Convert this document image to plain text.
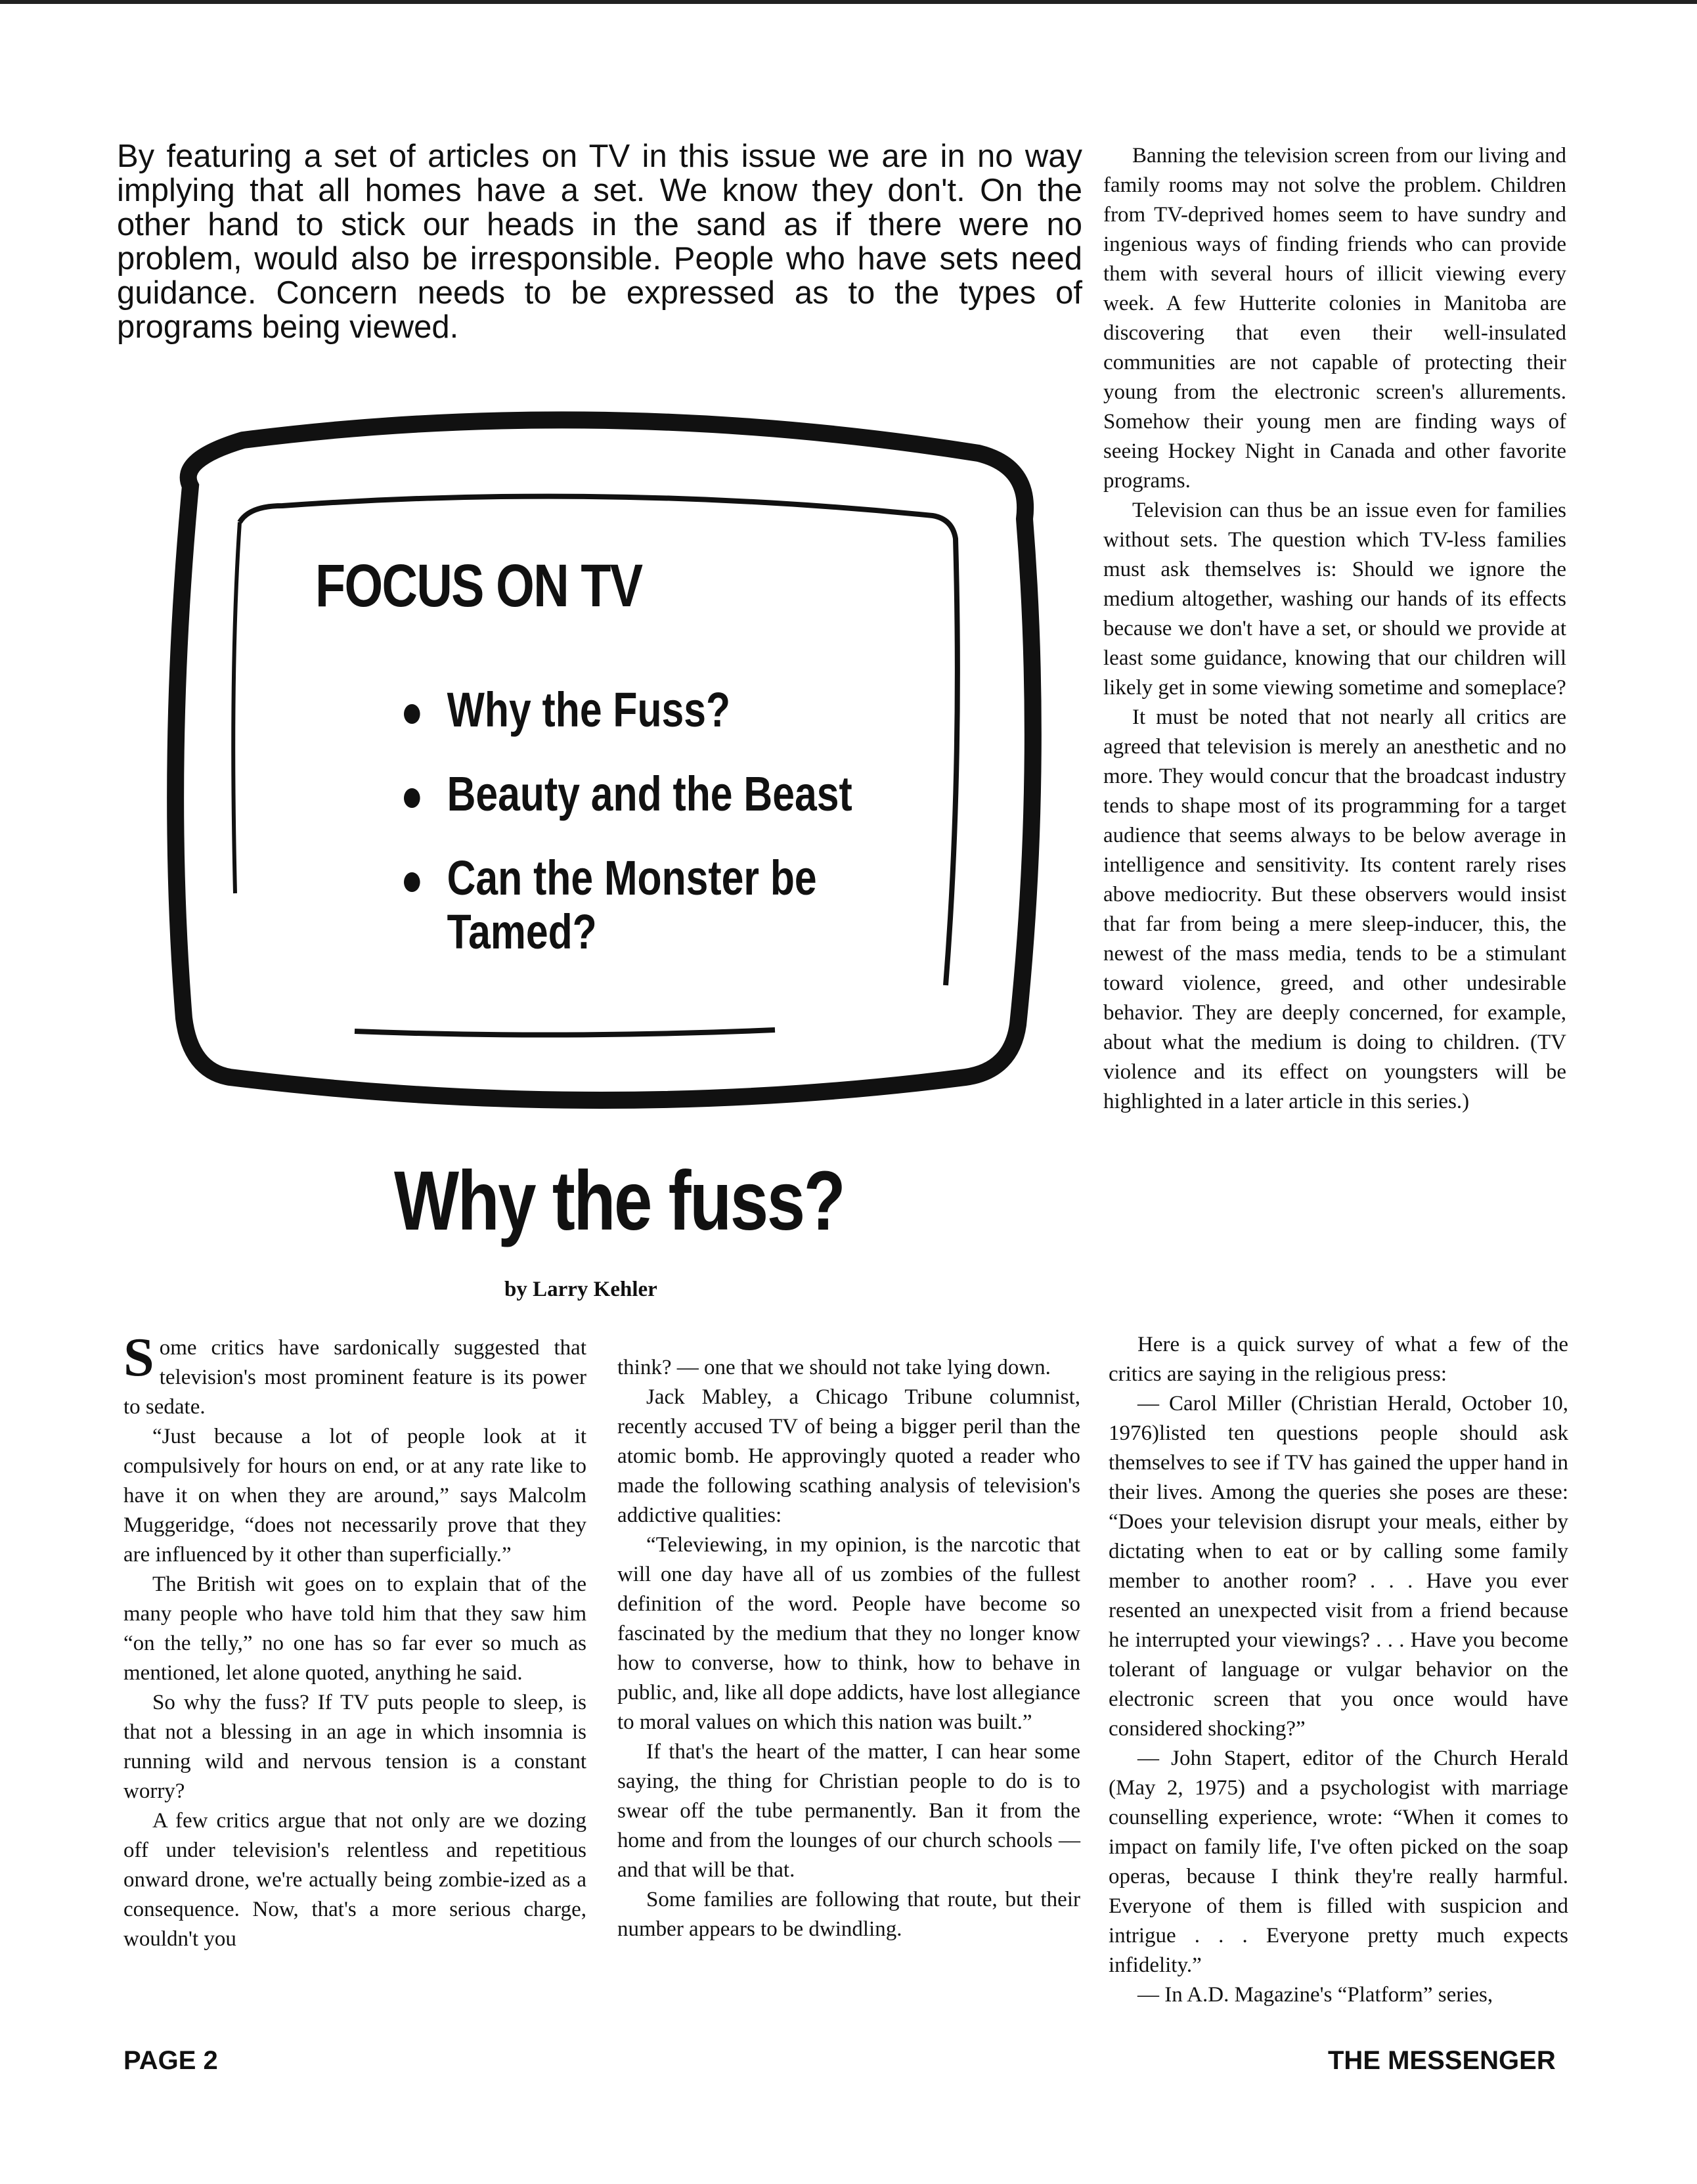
By featuring a set of articles on TV in this issue we are in no way implying that all homes have a set. We know they don't. On the other hand to stick our heads in the sand as if there were no problem, would also be irresponsible. People who have sets need guidance. Concern needs to be expressed as to the types of programs being viewed.
FOCUS ON TV
Why the Fuss?
Beauty and the Beast
Can the Monster be Tamed?
Why the fuss?
by Larry Kehler

Some critics have sardonically suggested that television's most prominent feature is its power to sedate.

“Just because a lot of people look at it compulsively for hours on end, or at any rate like to have it on when they are around,” says Malcolm Muggeridge, “does not necessarily prove that they are influenced by it other than superficially.”

The British wit goes on to explain that of the many people who have told him that they saw him “on the telly,” no one has so far ever so much as mentioned, let alone quoted, anything he said.

So why the fuss? If TV puts people to sleep, is that not a blessing in an age in which insomnia is running wild and nervous tension is a constant worry?

A few critics argue that not only are we dozing off under television's relentless and repetitious onward drone, we're actually being zombie-ized as a consequence. Now, that's a more serious charge, wouldn't you

think? — one that we should not take lying down.

Jack Mabley, a Chicago Tribune columnist, recently accused TV of being a bigger peril than the atomic bomb. He approvingly quoted a reader who made the following scathing analysis of television's addictive qualities:

“Televiewing, in my opinion, is the narcotic that will one day have all of us zombies of the fullest definition of the word. People have become so fascinated by the medium that they no longer know how to converse, how to think, how to behave in public, and, like all dope addicts, have lost allegiance to moral values on which this nation was built.”

If that's the heart of the matter, I can hear some saying, the thing for Christian people to do is to swear off the tube permanently. Ban it from the home and from the lounges of our church schools — and that will be that.

Some families are following that route, but their number appears to be dwindling.

Banning the television screen from our living and family rooms may not solve the problem. Children from TV-deprived homes seem to have sundry and ingenious ways of finding friends who can provide them with several hours of illicit viewing every week. A few Hutterite colonies in Manitoba are discovering that even their well-insulated communities are not capable of protecting their young from the electronic screen's allurements. Somehow their young men are finding ways of seeing Hockey Night in Canada and other favorite programs.

Television can thus be an issue even for families without sets. The question which TV-less families must ask themselves is: Should we ignore the medium altogether, washing our hands of its effects because we don't have a set, or should we provide at least some guidance, knowing that our children will likely get in some viewing sometime and someplace?

It must be noted that not nearly all critics are agreed that television is merely an anesthetic and no more. They would concur that the broadcast industry tends to shape most of its programming for a target audience that seems always to be below average in intelligence and sensitivity. Its content rarely rises above mediocrity. But these observers would insist that far from being a mere sleep-inducer, this, the newest of the mass media, tends to be a stimulant toward violence, greed, and other undesirable behavior. They are deeply concerned, for example, about what the medium is doing to children. (TV violence and its effect on youngsters will be highlighted in a later article in this series.)

Here is a quick survey of what a few of the critics are saying in the religious press:

— Carol Miller (Christian Herald, October 10, 1976)listed ten questions people should ask themselves to see if TV has gained the upper hand in their lives. Among the queries she poses are these: “Does your television disrupt your meals, either by dictating when to eat or by calling some family member to another room? . . . Have you ever resented an unexpected visit from a friend because he interrupted your viewings? . . . Have you become tolerant of language or vulgar behavior on the electronic screen that you once would have considered shocking?”

— John Stapert, editor of the Church Herald (May 2, 1975) and a psychologist with marriage counselling experience, wrote: “When it comes to impact on family life, I've often picked on the soap operas, because I think they're really harmful. Everyone of them is filled with suspicion and intrigue . . . Everyone pretty much expects infidelity.”

— In A.D. Magazine's “Platform” series,

PAGE 2	THE MESSENGER
